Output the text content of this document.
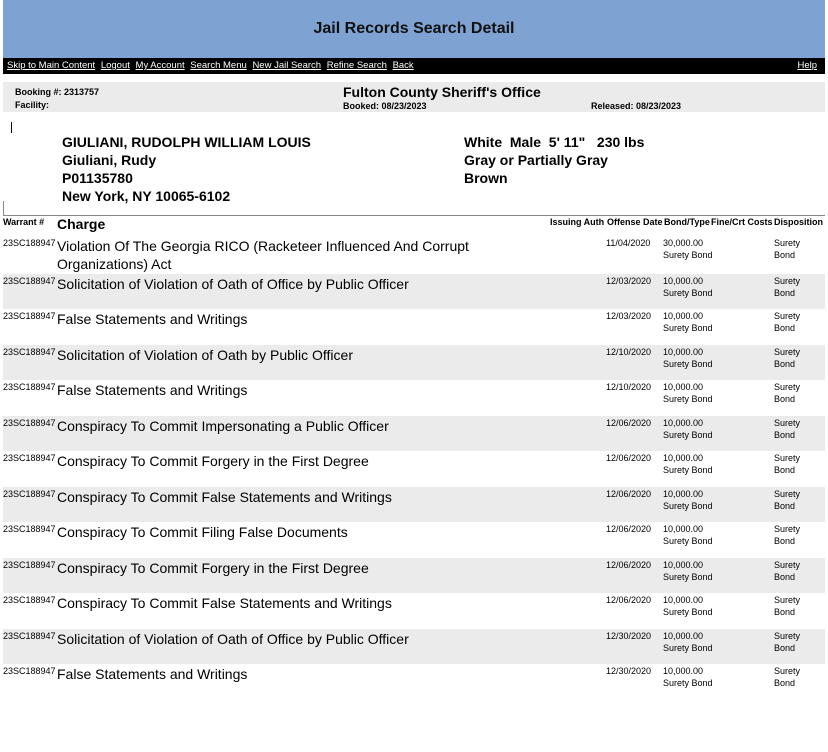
Jail Records Search Detail
Skip to Main Content Logout My Account Search Menu New Jail Search Refine Search Back	Help
Booking #: 2313757
Facility:
Fulton County Sheriff's Office
Booked: 08/23/2023	Released: 08/23/2023
GIULIANI, RUDOLPH WILLIAM LOUIS
Giuliani, Rudy
P01135780
New York, NY 10065-6102
White Male 5' 11" 230 lbs
Gray or Partially Gray
Brown
Warrant # Charge	Issuing Auth Offense Date Bond/Type Fine/Crt Costs Disposition
23SC188947 Violation Of The Georgia RICO (Racketeer Influenced And Corrupt Organizations) Act
11/04/2020 30,000.00
Surety Bond
Surety Bond
23SC188947 Solicitation of Violation of Oath of Office by Public Officer	12/03/2020 10,000.00
Surety Bond
Surety Bond
23SC188947 False Statements and Writings	12/03/2020 10,000.00
Surety Bond
Surety Bond
23SC188947 Solicitation of Violation of Oath by Public Officer	12/10/2020 10,000.00
Surety Bond
Surety Bond
23SC188947 False Statements and Writings	12/10/2020 10,000.00
Surety Bond
Surety Bond
23SC188947 Conspiracy To Commit Impersonating a Public Officer	12/06/2020 10,000.00
Surety Bond
Surety Bond
23SC188947 Conspiracy To Commit Forgery in the First Degree	12/06/2020 10,000.00
Surety Bond
Surety Bond
23SC188947 Conspiracy To Commit False Statements and Writings	12/06/2020 10,000.00
Surety Bond
Surety Bond
23SC188947 Conspiracy To Commit Filing False Documents	12/06/2020 10,000.00
Surety Bond
Surety Bond
23SC188947 Conspiracy To Commit Forgery in the First Degree	12/06/2020 10,000.00
Surety Bond
Surety Bond
23SC188947 Conspiracy To Commit False Statements and Writings	12/06/2020 10,000.00
Surety Bond
Surety Bond
23SC188947 Solicitation of Violation of Oath of Office by Public Officer	12/30/2020 10,000.00
Surety Bond
Surety Bond
23SC188947 False Statements and Writings	12/30/2020 10,000.00
Surety Bond
Surety Bond
